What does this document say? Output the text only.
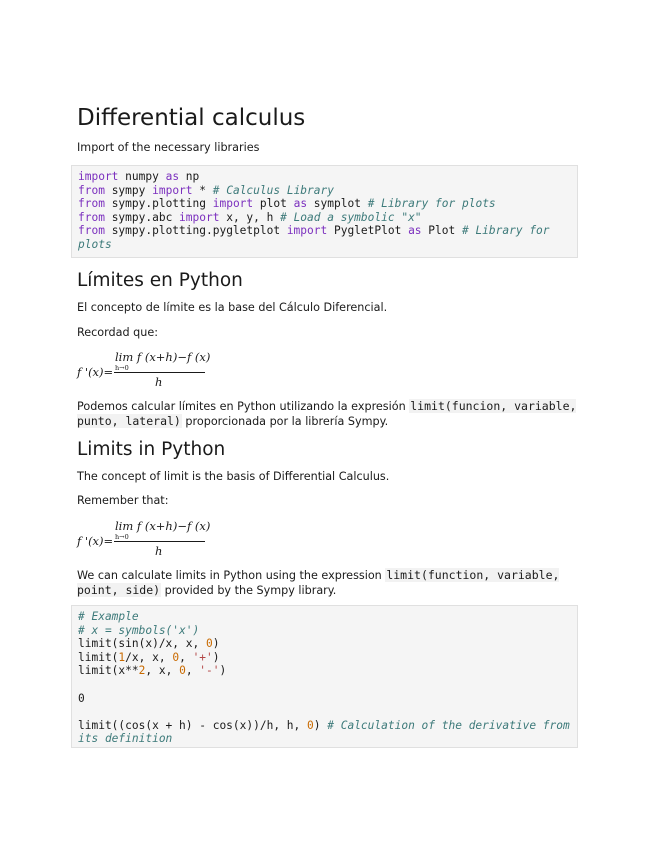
Differential calculus

Import of the necessary libraries

import numpy as np
from sympy import * # Calculus Library
from sympy.plotting import plot as symplot # Library for plots
from sympy.abc import x, y, h # Load a symbolic "x"
from sympy.plotting.pygletplot import PygletPlot as Plot # Library for plots
Límites en Python

El concepto de límite es la base del Cálculo Diferencial.

Recordad que:

f '(x)=
lim f (x+h)−f (x)
h→0
h

Podemos calcular límites en Python utilizando la expresión limit(funcion, variable, punto, lateral) proporcionada por la librería Sympy.

Limits in Python

The concept of limit is the basis of Differential Calculus.

Remember that:

f '(x)=
lim f (x+h)−f (x)
h→0
h

We can calculate limits in Python using the expression limit(function, variable, point, side) provided by the Sympy library.

# Example
# x = symbols('x')
limit(sin(x)/x, x, 0)
limit(1/x, x, 0, '+')
limit(x**2, x, 0, '-')
0
limit((cos(x + h) - cos(x))/h, h, 0) # Calculation of the derivative from its definition
